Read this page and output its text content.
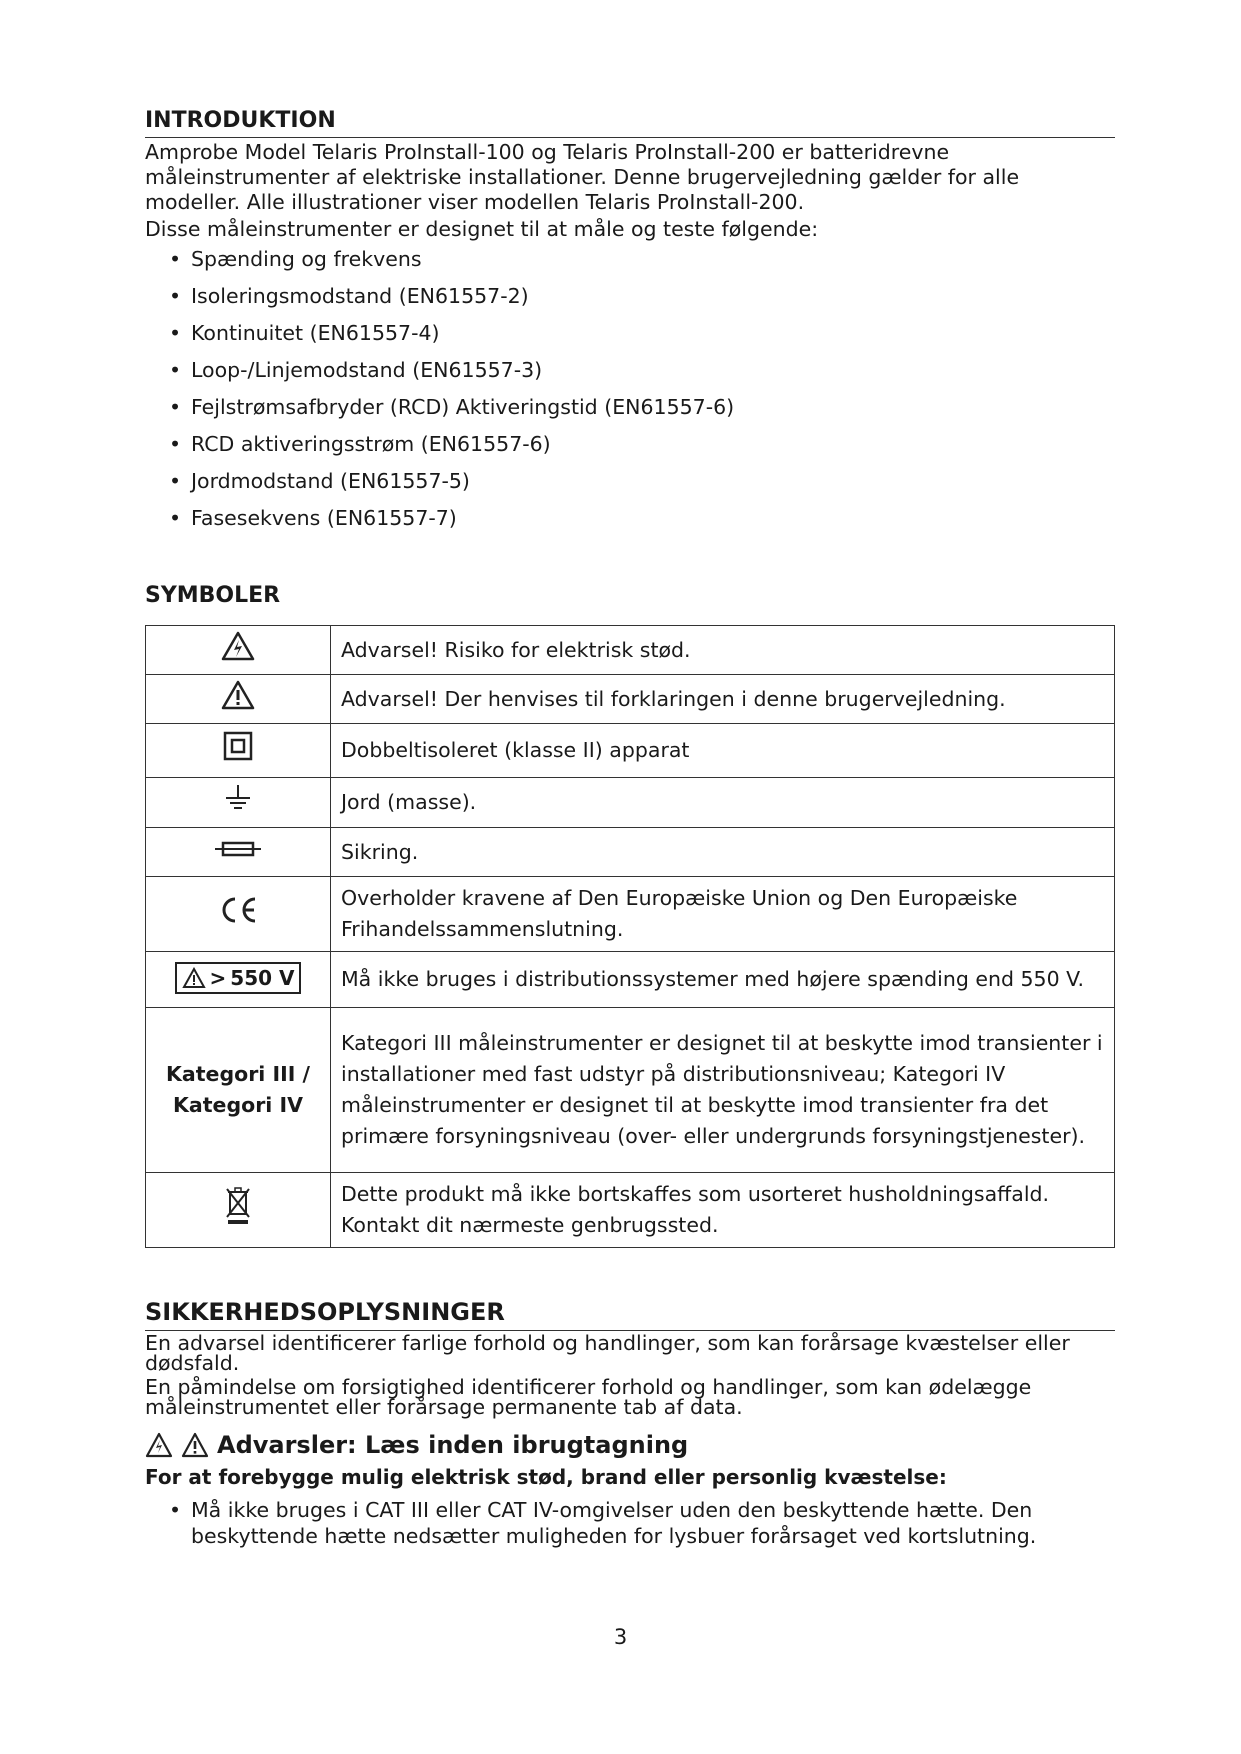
INTRODUKTION

Amprobe Model Telaris ProInstall-100 og Telaris ProInstall-200 er batteridrevne måleinstrumenter af elektriske installationer. Denne brugervejledning gælder for alle modeller. Alle illustrationer viser modellen Telaris ProInstall-200.

Disse måleinstrumenter er designet til at måle og teste følgende:

• Spænding og frekvens
• Isoleringsmodstand (EN61557-2)
• Kontinuitet (EN61557-4)
• Loop-/Linjemodstand (EN61557-3)
• Fejlstrømsafbryder (RCD) Aktiveringstid (EN61557-6)
• RCD aktiveringsstrøm (EN61557-6)
• Jordmodstand (EN61557-5)
• Fasesekvens (EN61557-7)
SYMBOLER
	Advarsel! Risiko for elektrisk stød.
	Advarsel! Der henvises til forklaringen i denne brugervejledning.
	Dobbeltisoleret (klasse II) apparat
	Jord (masse).
	Sikring.
	Overholder kravene af Den Europæiske Union og Den Europæiske Frihandelssammenslutning.

> 550 V	Må ikke bruges i distributionssystemer med højere spænding end 550 V.
Kategori III / Kategori IV	Kategori III måleinstrumenter er designet til at beskytte imod transienter i installationer med fast udstyr på distributionsniveau; Kategori IV måleinstrumenter er designet til at beskytte imod transienter fra det primære forsyningsniveau (over- eller undergrunds forsyningstjenester).
	Dette produkt må ikke bortskaffes som usorteret husholdningsaffald. Kontakt dit nærmeste genbrugssted.
SIKKERHEDSOPLYSNINGER

En advarsel identificerer farlige forhold og handlinger, som kan forårsage kvæstelser eller dødsfald.

En påmindelse om forsigtighed identificerer forhold og handlinger, som kan ødelægge måleinstrumentet eller forårsage permanente tab af data.

Advarsler: Læs inden ibrugtagning
For at forebygge mulig elektrisk stød, brand eller personlig kvæstelse:
• Må ikke bruges i CAT III eller CAT IV-omgivelser uden den beskyttende hætte. Den beskyttende hætte nedsætter muligheden for lysbuer forårsaget ved kortslutning.
3
